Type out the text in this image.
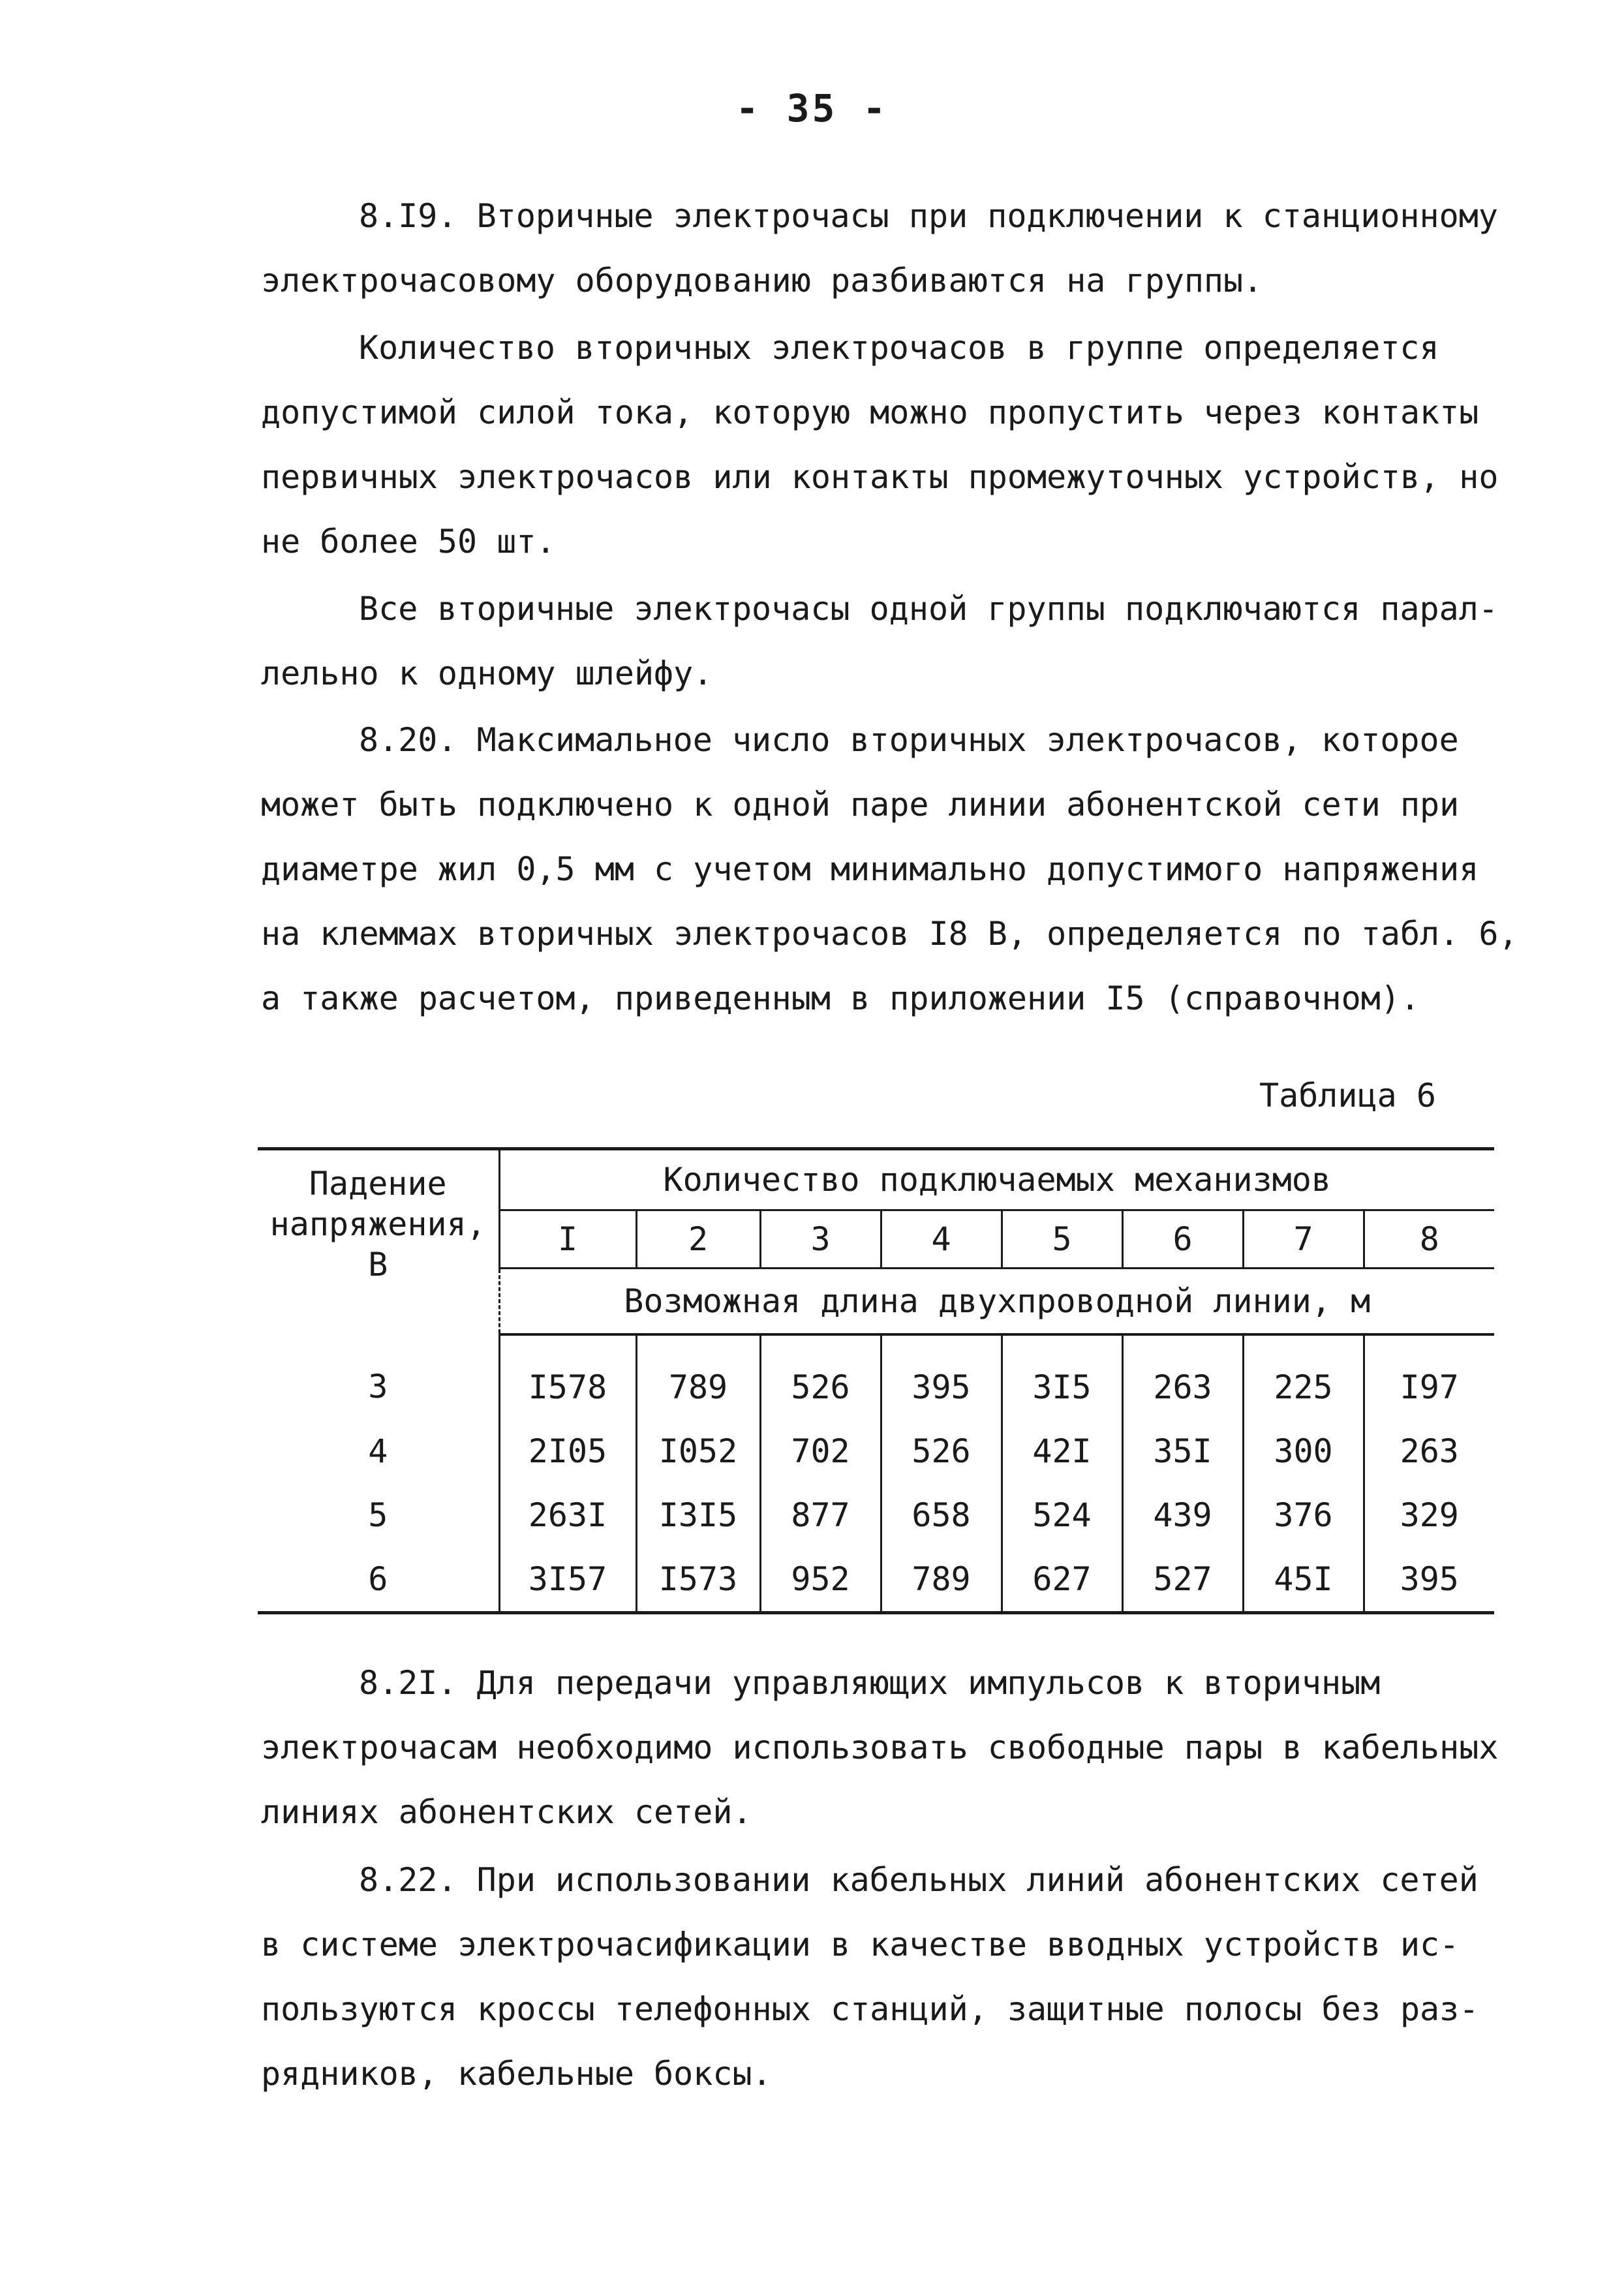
- 35 -

8.I9. Вторичные электрочасы при подключении к станционному
электрочасовому оборудованию разбиваются на группы.

Количество вторичных электрочасов в группе определяется
допустимой силой тока, которую можно пропустить через контакты
первичных электрочасов или контакты промежуточных устройств, но
не более 50 шт.

Все вторичные электрочасы одной группы подключаются парал-
лельно к одному шлейфу.

8.20. Максимальное число вторичных электрочасов, которое
может быть подключено к одной паре линии абонентской сети при
диаметре жил 0,5 мм с учетом минимально допустимого напряжения
на клеммах вторичных электрочасов I8 В, определяется по табл. 6,
а также расчетом, приведенным в приложении I5 (справочном).

Таблица 6
Падение
напряжения,
В	Количество подключаемых механизмов							
	I	2	3	4	5	6	7	8
	Возможная длина двухпроводной линии, м							
3	I578	789	526	395	3I5	263	225	I97
4	2I05	I052	702	526	42I	35I	300	263
5	263I	I3I5	877	658	524	439	376	329
6	3I57	I573	952	789	627	527	45I	395

8.2I. Для передачи управляющих импульсов к вторичным
электрочасам необходимо использовать свободные пары в кабельных
линиях абонентских сетей.

8.22. При использовании кабельных линий абонентских сетей
в системе электрочасификации в качестве вводных устройств ис-
пользуются кроссы телефонных станций, защитные полосы без раз-
рядников, кабельные боксы.
